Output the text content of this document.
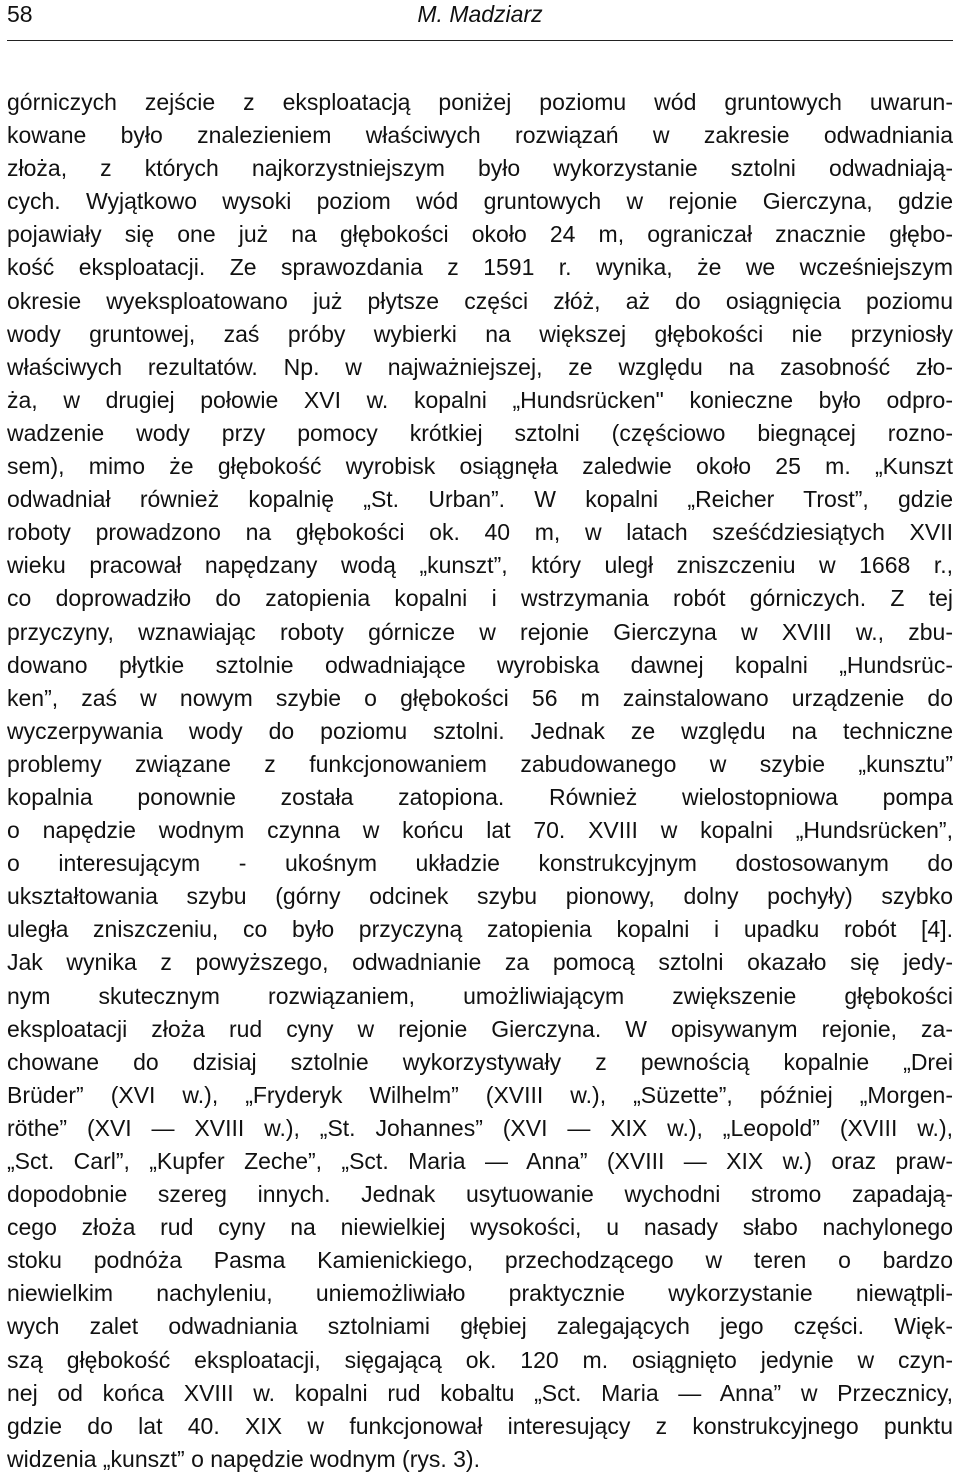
58	M. Madziarz
górniczych zejście z eksploatacją poniżej poziomu wód gruntowych uwarun-
kowane było znalezieniem właściwych rozwiązań w zakresie odwadniania
złoża, z których najkorzystniejszym było wykorzystanie sztolni odwadniają-
cych. Wyjątkowo wysoki poziom wód gruntowych w rejonie Gierczyna, gdzie
pojawiały się one już na głębokości około 24 m, ograniczał znacznie głębo-
kość eksploatacji. Ze sprawozdania z 1591 r. wynika, że we wcześniejszym
okresie wyeksploatowano już płytsze części złóż, aż do osiągnięcia poziomu
wody gruntowej, zaś próby wybierki na większej głębokości nie przyniosły
właściwych rezultatów. Np. w najważniejszej, ze względu na zasobność zło-
ża, w drugiej połowie XVI w. kopalni „Hundsrücken" konieczne było odpro-
wadzenie wody przy pomocy krótkiej sztolni (częściowo biegnącej rozno-
sem), mimo że głębokość wyrobisk osiągnęła zaledwie około 25 m. „Kunszt
odwadniał również kopalnię „St. Urban”. W kopalni „Reicher Trost”, gdzie
roboty prowadzono na głębokości ok. 40 m, w latach sześćdziesiątych XVII
wieku pracował napędzany wodą „kunszt”, który uległ zniszczeniu w 1668 r.,
co doprowadziło do zatopienia kopalni i wstrzymania robót górniczych. Z tej
przyczyny, wznawiając roboty górnicze w rejonie Gierczyna w XVIII w., zbu-
dowano płytkie sztolnie odwadniające wyrobiska dawnej kopalni „Hundsrüc-
ken”, zaś w nowym szybie o głębokości 56 m zainstalowano urządzenie do
wyczerpywania wody do poziomu sztolni. Jednak ze względu na techniczne
problemy związane z funkcjonowaniem zabudowanego w szybie „kunsztu”
kopalnia ponownie została zatopiona. Również wielostopniowa pompa
o napędzie wodnym czynna w końcu lat 70. XVIII w kopalni „Hundsrücken”,
o interesującym - ukośnym układzie konstrukcyjnym dostosowanym do
ukształtowania szybu (górny odcinek szybu pionowy, dolny pochyły) szybko
uległa zniszczeniu, co było przyczyną zatopienia kopalni i upadku robót [4].
Jak wynika z powyższego, odwadnianie za pomocą sztolni okazało się jedy-
nym skutecznym rozwiązaniem, umożliwiającym zwiększenie głębokości
eksploatacji złoża rud cyny w rejonie Gierczyna. W opisywanym rejonie, za-
chowane do dzisiaj sztolnie wykorzystywały z pewnością kopalnie „Drei
Brüder” (XVI w.), „Fryderyk Wilhelm” (XVIII w.), „Süzette”, później „Morgen-
röthe” (XVI — XVIII w.), „St. Johannes” (XVI — XIX w.), „Leopold” (XVIII w.),
„Sct. Carl”, „Kupfer Zeche”, „Sct. Maria — Anna” (XVIII — XIX w.) oraz praw-
dopodobnie szereg innych. Jednak usytuowanie wychodni stromo zapadają-
cego złoża rud cyny na niewielkiej wysokości, u nasady słabo nachylonego
stoku podnóża Pasma Kamienickiego, przechodzącego w teren o bardzo
niewielkim nachyleniu, uniemożliwiało praktycznie wykorzystanie niewątpli-
wych zalet odwadniania sztolniami głębiej zalegających jego części. Więk-
szą głębokość eksploatacji, sięgającą ok. 120 m. osiągnięto jedynie w czyn-
nej od końca XVIII w. kopalni rud kobaltu „Sct. Maria — Anna” w Przecznicy,
gdzie do lat 40. XIX w funkcjonował interesujący z konstrukcyjnego punktu
widzenia „kunszt” o napędzie wodnym (rys. 3).
